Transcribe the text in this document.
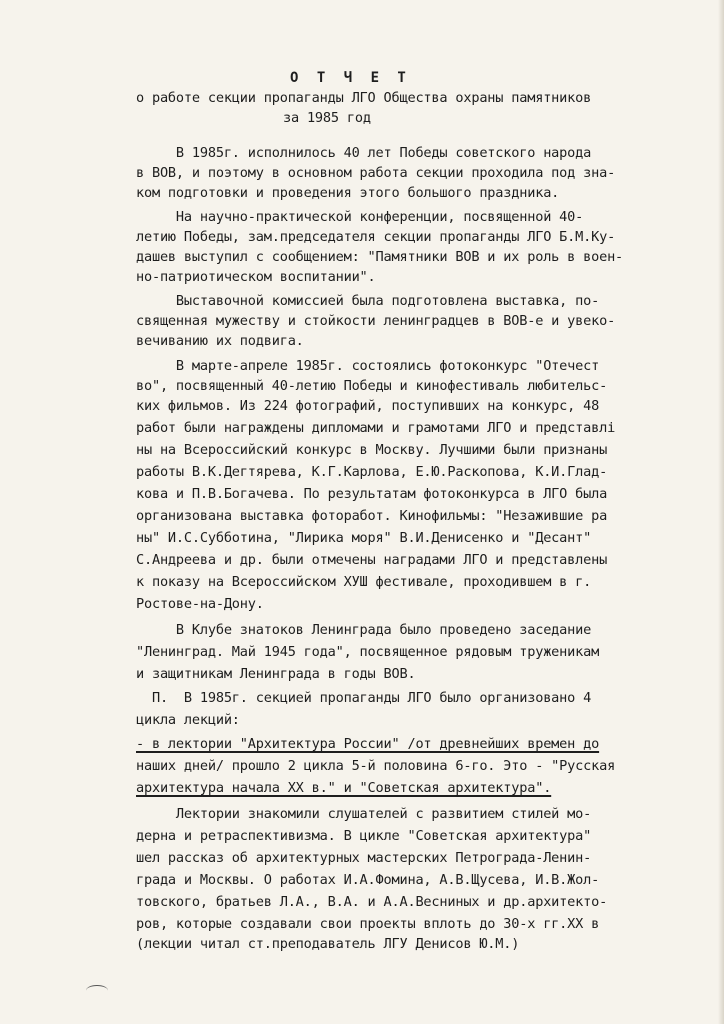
О Т Ч Е Т
о работе секции пропаганды ЛГО Общества охраны памятников
за 1985 год
В 1985г. исполнилось 40 лет Победы советского народа
в ВОВ, и поэтому в основном работа секции проходила под зна-
ком подготовки и проведения этого большого праздника.
На научно-практической конференции, посвященной 40-
летию Победы, зам.председателя секции пропаганды ЛГО Б.М.Ку-
дашев выступил с сообщением: "Памятники ВОВ и их роль в воен-
но-патриотическом воспитании".
Выставочной комиссией была подготовлена выставка, по-
священная мужеству и стойкости ленинградцев в ВОВ-е и увеко-
вечиванию их подвига.
В марте-апреле 1985г. состоялись фотоконкурс "Отечест
во", посвященный 40-летию Победы и кинофестиваль любительс-
ких фильмов. Из 224 фотографий, поступивших на конкурс, 48
работ были награждены дипломами и грамотами ЛГО и представлі
ны на Всероссийский конкурс в Москву. Лучшими были признаны
работы В.К.Дегтярева, К.Г.Карлова, Е.Ю.Раскопова, К.И.Глад-
кова и П.В.Богачева. По результатам фотоконкурса в ЛГО была
организована выставка фоторабот. Кинофильмы: "Незажившие ра
ны" И.С.Субботина, "Лирика моря" В.И.Денисенко и "Десант"
С.Андреева и др. были отмечены наградами ЛГО и представлены
к показу на Всероссийском ХУШ фестивале, проходившем в г.
Ростове-на-Дону.
В Клубе знатоков Ленинграда было проведено заседание
"Ленинград. Май 1945 года", посвященное рядовым труженикам
и защитникам Ленинграда в годы ВОВ.
П.  В 1985г. секцией пропаганды ЛГО было организовано 4
цикла лекций:
- в лектории "Архитектура России" /от древнейших времен до
наших дней/ прошло 2 цикла 5-й половина 6-го. Это - "Русская
архитектура начала XX в." и "Советская архитектура".
Лектории знакомили слушателей с развитием стилей мо-
дерна и ретраспективизма. В цикле "Советская архитектура"
шел рассказ об архитектурных мастерских Петрограда-Ленин-
града и Москвы. О работах И.А.Фомина, А.В.Щусева, И.В.Жол-
товского, братьев Л.А., В.А. и А.А.Весниных и др.архитекто-
ров, которые создавали свои проекты вплоть до 30-х гг.XX в
(лекции читал ст.преподаватель ЛГУ Денисов Ю.М.)
